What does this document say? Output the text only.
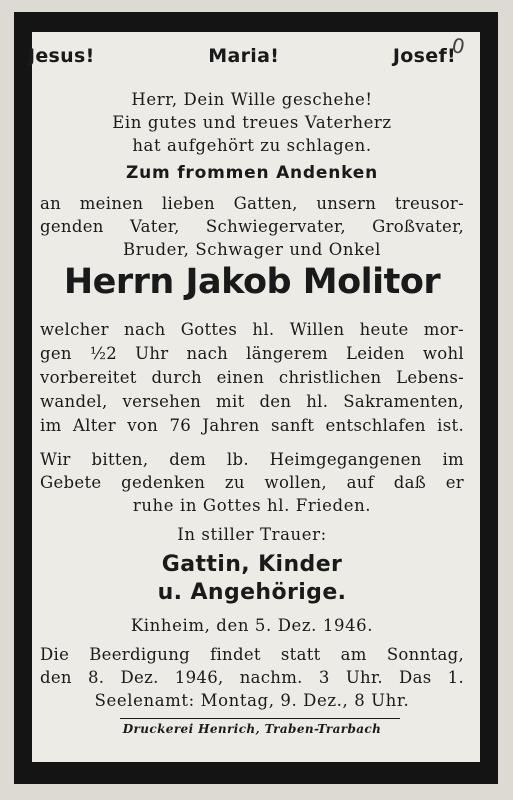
0
Jesus!	Maria!	Josef!
Herr, Dein Wille geschehe!
Ein gutes und treues Vaterherz
hat aufgehört zu schlagen.
Zum frommen Andenken
an meinen lieben Gatten, unsern treusor-
genden Vater, Schwiegervater, Großvater,
Bruder, Schwager und Onkel
Herrn Jakob Molitor
welcher nach Gottes hl. Willen heute mor-
gen ½2 Uhr nach längerem Leiden wohl
vorbereitet durch einen christlichen Lebens-
wandel, versehen mit den hl. Sakramenten,
im Alter von 76 Jahren sanft entschlafen ist.
Wir bitten, dem lb. Heimgegangenen im
Gebete gedenken zu wollen, auf daß er
ruhe in Gottes hl. Frieden.
In stiller Trauer:
Gattin, Kinder
u. Angehörige.
Kinheim, den 5. Dez. 1946.
Die Beerdigung findet statt am Sonntag,
den 8. Dez. 1946, nachm. 3 Uhr. Das 1.
Seelenamt: Montag, 9. Dez., 8 Uhr.
Druckerei Henrich, Traben-Trarbach
